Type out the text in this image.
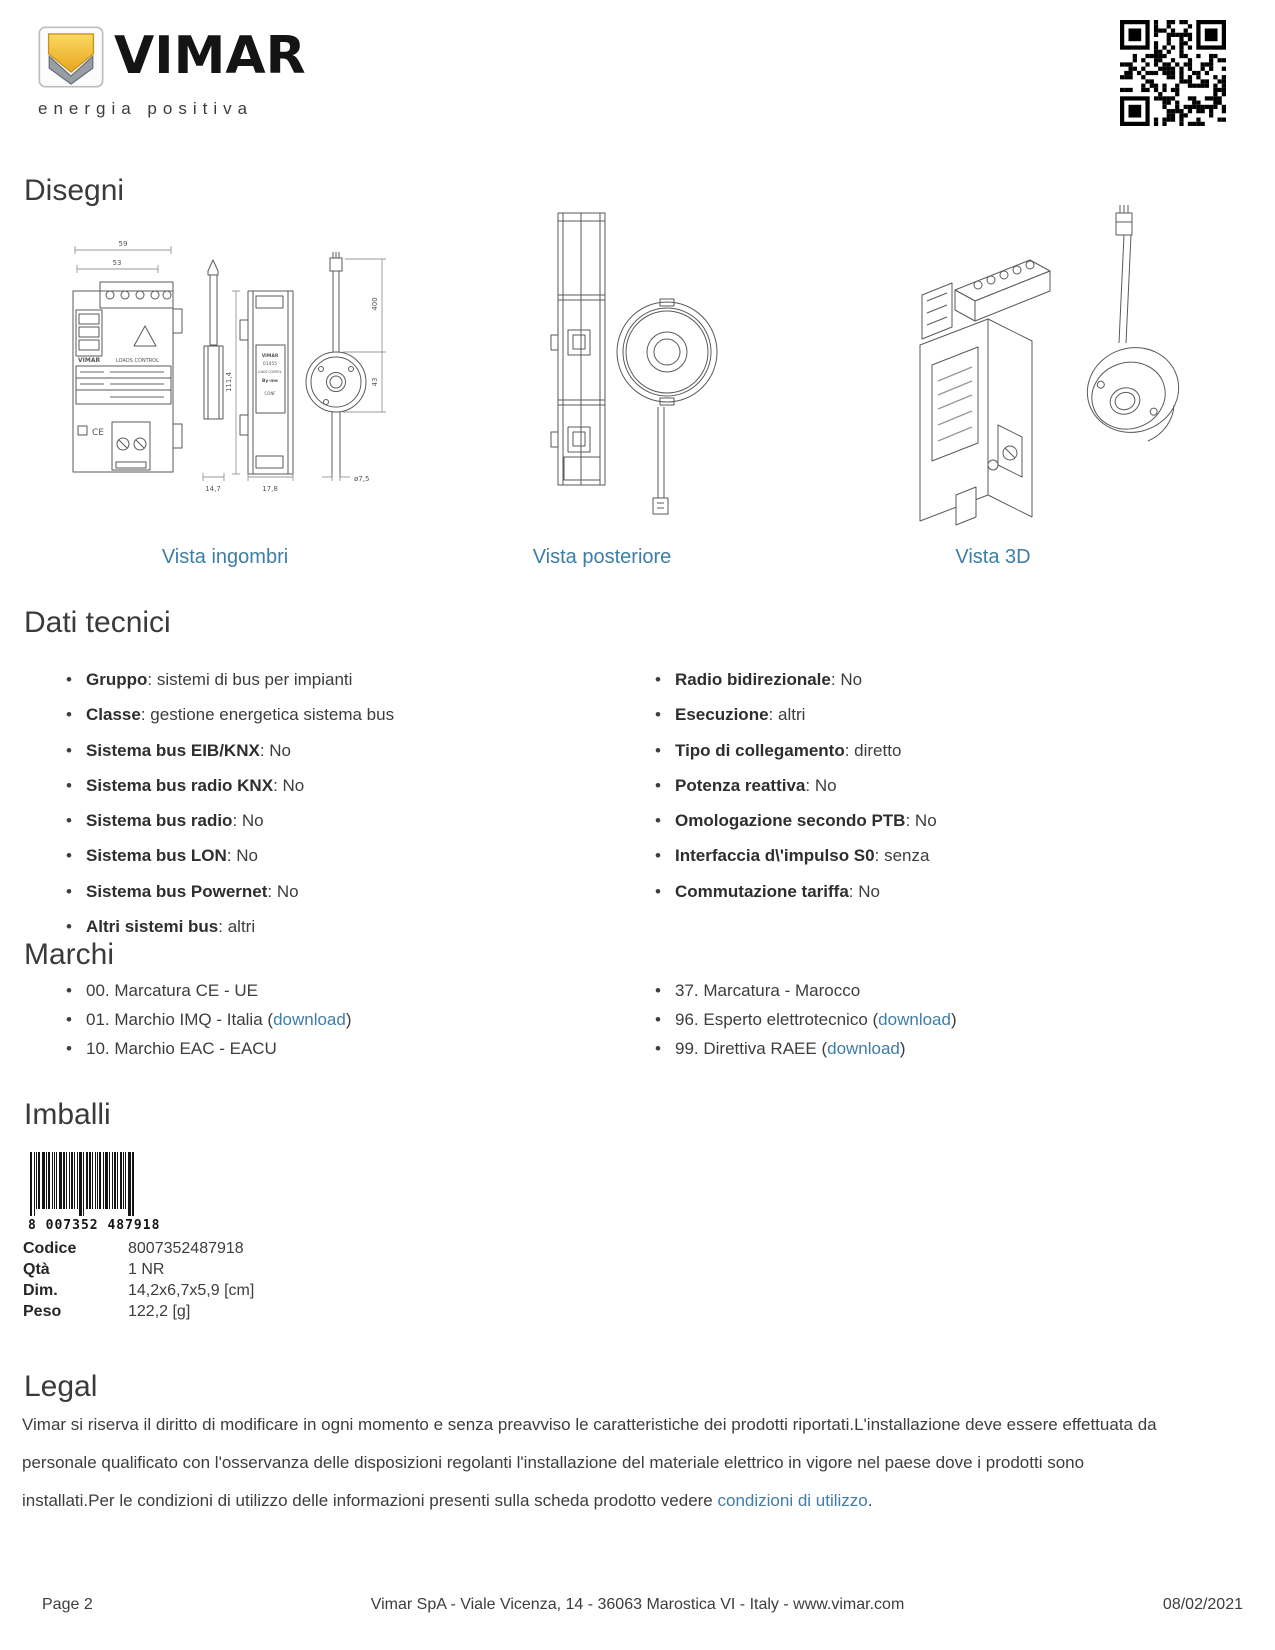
VIMAR
energia positiva
Disegni
59
53
VIMAR	LOADS CONTROL
CE
14,7
VIMAR
01455
LOADS CONTROL
By-me
CONF
111,4
17,8
400
43
ø7,5
Vista ingombri	Vista posteriore	Vista 3D
Dati tecnici
• Gruppo : sistemi di bus per impianti
• Classe : gestione energetica sistema bus
• Sistema bus EIB/KNX : No
• Sistema bus radio KNX : No
• Sistema bus radio : No
• Sistema bus LON : No
• Sistema bus Powernet : No
• Altri sistemi bus : altri
• Radio bidirezionale : No
• Esecuzione : altri
• Tipo di collegamento : diretto
• Potenza reattiva : No
• Omologazione secondo PTB : No
• Interfaccia d\'impulso S0 : senza
• Commutazione tariffa : No
Marchi
• 00. Marcatura CE - UE
• 01. Marchio IMQ - Italia (download)
• 10. Marchio EAC - EACU
• 37. Marcatura - Marocco
• 96. Esperto elettrotecnico (download)
• 99. Direttiva RAEE (download)
Imballi
8 007352 487918
Codice	8007352487918
Qtà	1 NR
Dim.	14,2x6,7x5,9 [cm]
Peso	122,2 [g]
Legal
Vimar si riserva il diritto di modificare in ogni momento e senza preavviso le caratteristiche dei prodotti riportati.L'installazione deve essere effettuata da personale qualificato con l'osservanza delle disposizioni regolanti l'installazione del materiale elettrico in vigore nel paese dove i prodotti sono installati.Per le condizioni di utilizzo delle informazioni presenti sulla scheda prodotto vedere condizioni di utilizzo.
Page 2	Vimar SpA - Viale Vicenza, 14 - 36063 Marostica VI - Italy - www.vimar.com	08/02/2021
